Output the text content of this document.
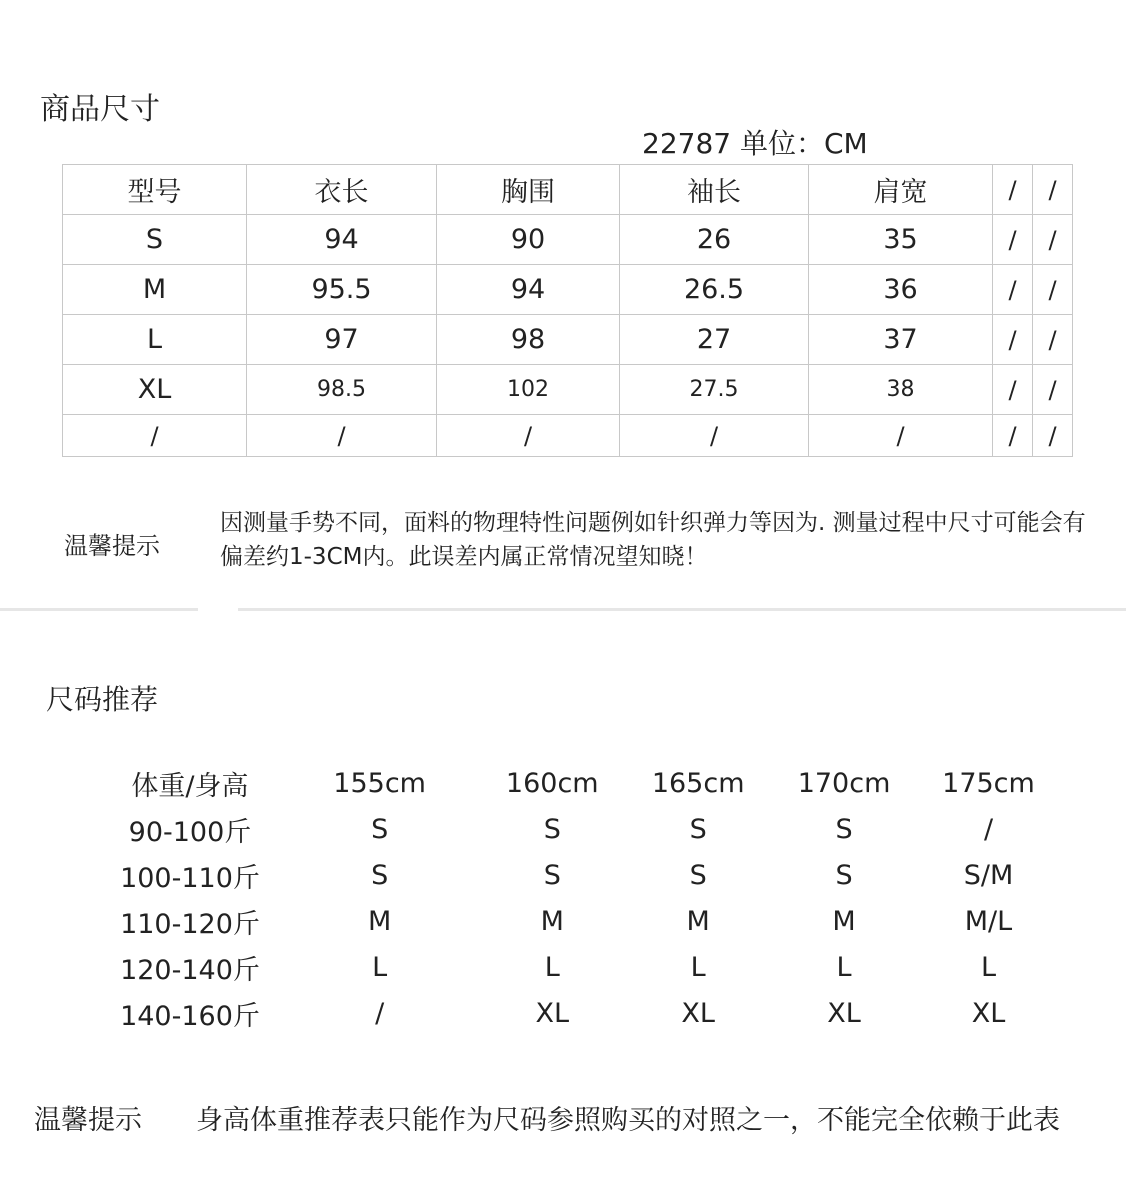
商品尺寸
22787 单位：CM
型号	衣长	胸围	袖长	肩宽	/	/
S	94	90	26	35	/	/
M	95.5	94	26.5	36	/	/
L	97	98	27	37	/	/
XL	98.5	102	27.5	38	/	/
/	/	/	/	/	/	/
温馨提示
因测量手势不同，面料的物理特性问题例如针织弹力等因为. 测量过程中尺寸可能会有偏差约1-3CM内。此误差内属正常情况望知晓！
尺码推荐
体重/身高	155cm	160cm	165cm	170cm	175cm
90-100斤	S	S	S	S	/
100-110斤	S	S	S	S	S/M
110-120斤	M	M	M	M	M/L
120-140斤	L	L	L	L	L
140-160斤	/	XL	XL	XL	XL
温馨提示 身高体重推荐表只能作为尺码参照购买的对照之一，不能完全依赖于此表
